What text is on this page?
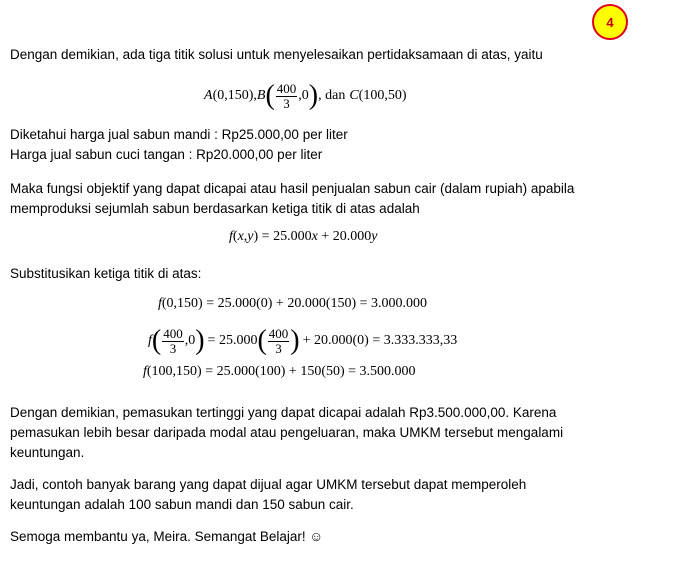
4
Dengan demikian, ada tiga titik solusi untuk menyelesaikan pertidaksamaan di atas, yaitu
A (0,150), B ( $\frac{400}{3} ,0$ ) , dan C (100,50)
Diketahui harga jual sabun mandi : Rp25.000,00 per liter
Harga jual sabun cuci tangan : Rp20.000,00 per liter
Maka fungsi objektif yang dapat dicapai atau hasil penjualan sabun cair (dalam rupiah) apabila
memproduksi sejumlah sabun berdasarkan ketiga titik di atas adalah
f(x,y) = 25.000x + 20.000y
Substitusikan ketiga titik di atas:
f(0,150) = 25.000(0) + 20.000(150) = 3.000.000
f ( $\frac{400}{3} ,0$ ) = 25.000 ( $\frac{400}{3}$ ) + 20.000(0) = 3.333.333,33
f(100,150) = 25.000(100) + 150(50) = 3.500.000
Dengan demikian, pemasukan tertinggi yang dapat dicapai adalah Rp3.500.000,00. Karena
pemasukan lebih besar daripada modal atau pengeluaran, maka UMKM tersebut mengalami
keuntungan.
Jadi, contoh banyak barang yang dapat dijual agar UMKM tersebut dapat memperoleh
keuntungan adalah 100 sabun mandi dan 150 sabun cair.
Semoga membantu ya, Meira. Semangat Belajar! ☺
